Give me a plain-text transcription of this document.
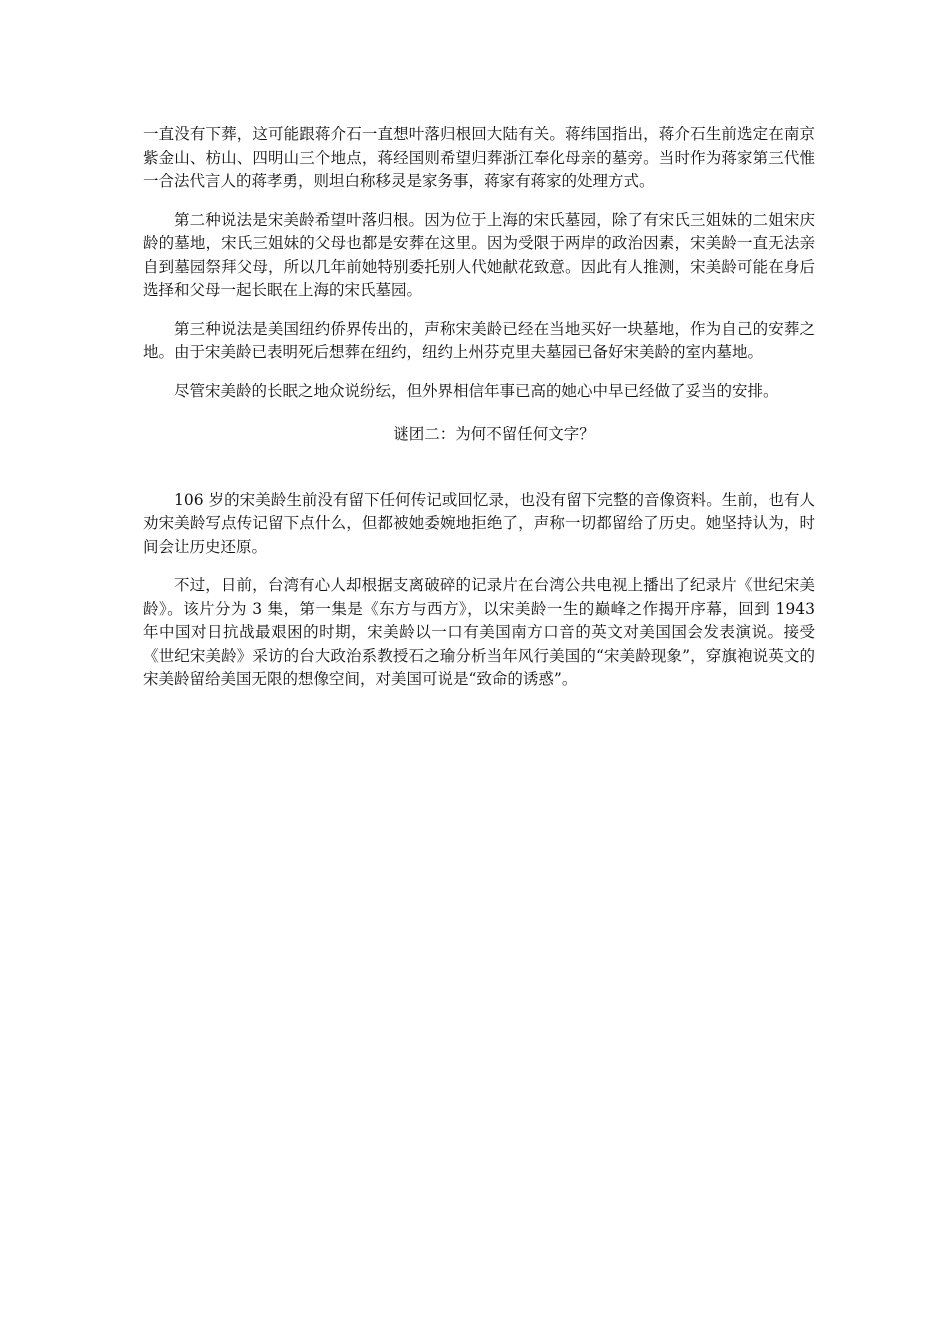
一直没有下葬，这可能跟蒋介石一直想叶落归根回大陆有关。蒋纬国指出，蒋介石生前选定在南京紫金山、枋山、四明山三个地点，蒋经国则希望归葬浙江奉化母亲的墓旁。当时作为蒋家第三代惟一合法代言人的蒋孝勇，则坦白称移灵是家务事，蒋家有蒋家的处理方式。

第二种说法是宋美龄希望叶落归根。因为位于上海的宋氏墓园，除了有宋氏三姐妹的二姐宋庆龄的墓地，宋氏三姐妹的父母也都是安葬在这里。因为受限于两岸的政治因素，宋美龄一直无法亲自到墓园祭拜父母，所以几年前她特别委托别人代她献花致意。因此有人推测，宋美龄可能在身后选择和父母一起长眠在上海的宋氏墓园。

第三种说法是美国纽约侨界传出的，声称宋美龄已经在当地买好一块墓地，作为自己的安葬之地。由于宋美龄已表明死后想葬在纽约，纽约上州芬克里夫墓园已备好宋美龄的室内墓地。

尽管宋美龄的长眠之地众说纷纭，但外界相信年事已高的她心中早已经做了妥当的安排。

谜团二：为何不留任何文字？

106 岁的宋美龄生前没有留下任何传记或回忆录，也没有留下完整的音像资料。生前，也有人劝宋美龄写点传记留下点什么，但都被她委婉地拒绝了，声称一切都留给了历史。她坚持认为，时间会让历史还原。

不过，日前，台湾有心人却根据支离破碎的记录片在台湾公共电视上播出了纪录片《世纪宋美龄》。该片分为 3 集，第一集是《东方与西方》，以宋美龄一生的巅峰之作揭开序幕，回到 1943 年中国对日抗战最艰困的时期，宋美龄以一口有美国南方口音的英文对美国国会发表演说。接受《世纪宋美龄》采访的台大政治系教授石之瑜分析当年风行美国的“宋美龄现象”，穿旗袍说英文的宋美龄留给美国无限的想像空间，对美国可说是“致命的诱惑”。
